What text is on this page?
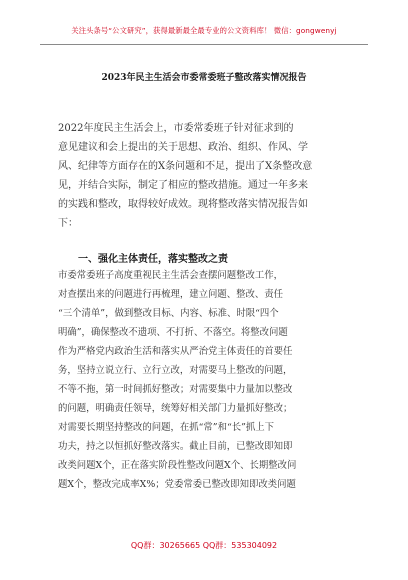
关注头条号“公文研究”，获得最新最全最专业的公文资料库！ 微信：gongwenyj
2023年民主生活会市委常委班子整改落实情况报告
2022年度民主生活会上，市委常委班子针对征求到的
意见建议和会上提出的关于思想、政治、组织、作风、学
风、纪律等方面存在的X条问题和不足，提出了X条整改意
见，并结合实际，制定了相应的整改措施。通过一年多来
的实践和整改，取得较好成效。现将整改落实情况报告如
下：
一、强化主体责任，落实整改之责
市委常委班子高度重视民主生活会查摆问题整改工作，
对查摆出来的问题进行再梳理，建立问题、整改、责任
“三个清单”，做到整改目标、内容、标准、时限“四个
明确”，确保整改不遗项、不打折、不落空。将整改问题
作为严格党内政治生活和落实从严治党主体责任的首要任
务，坚持立说立行、立行立改，对需要马上整改的问题，
不等不拖，第一时间抓好整改；对需要集中力量加以整改
的问题，明确责任领导，统筹好相关部门力量抓好整改；
对需要长期坚持整改的问题，在抓“常”和“长”抓上下
功夫，持之以恒抓好整改落实。截止目前，已整改即知即
改类问题X个，正在落实阶段性整改问题X个、长期整改问
题X个，整改完成率X%；党委常委已整改即知即改类问题
QQ群：30265665 QQ群：535304092
